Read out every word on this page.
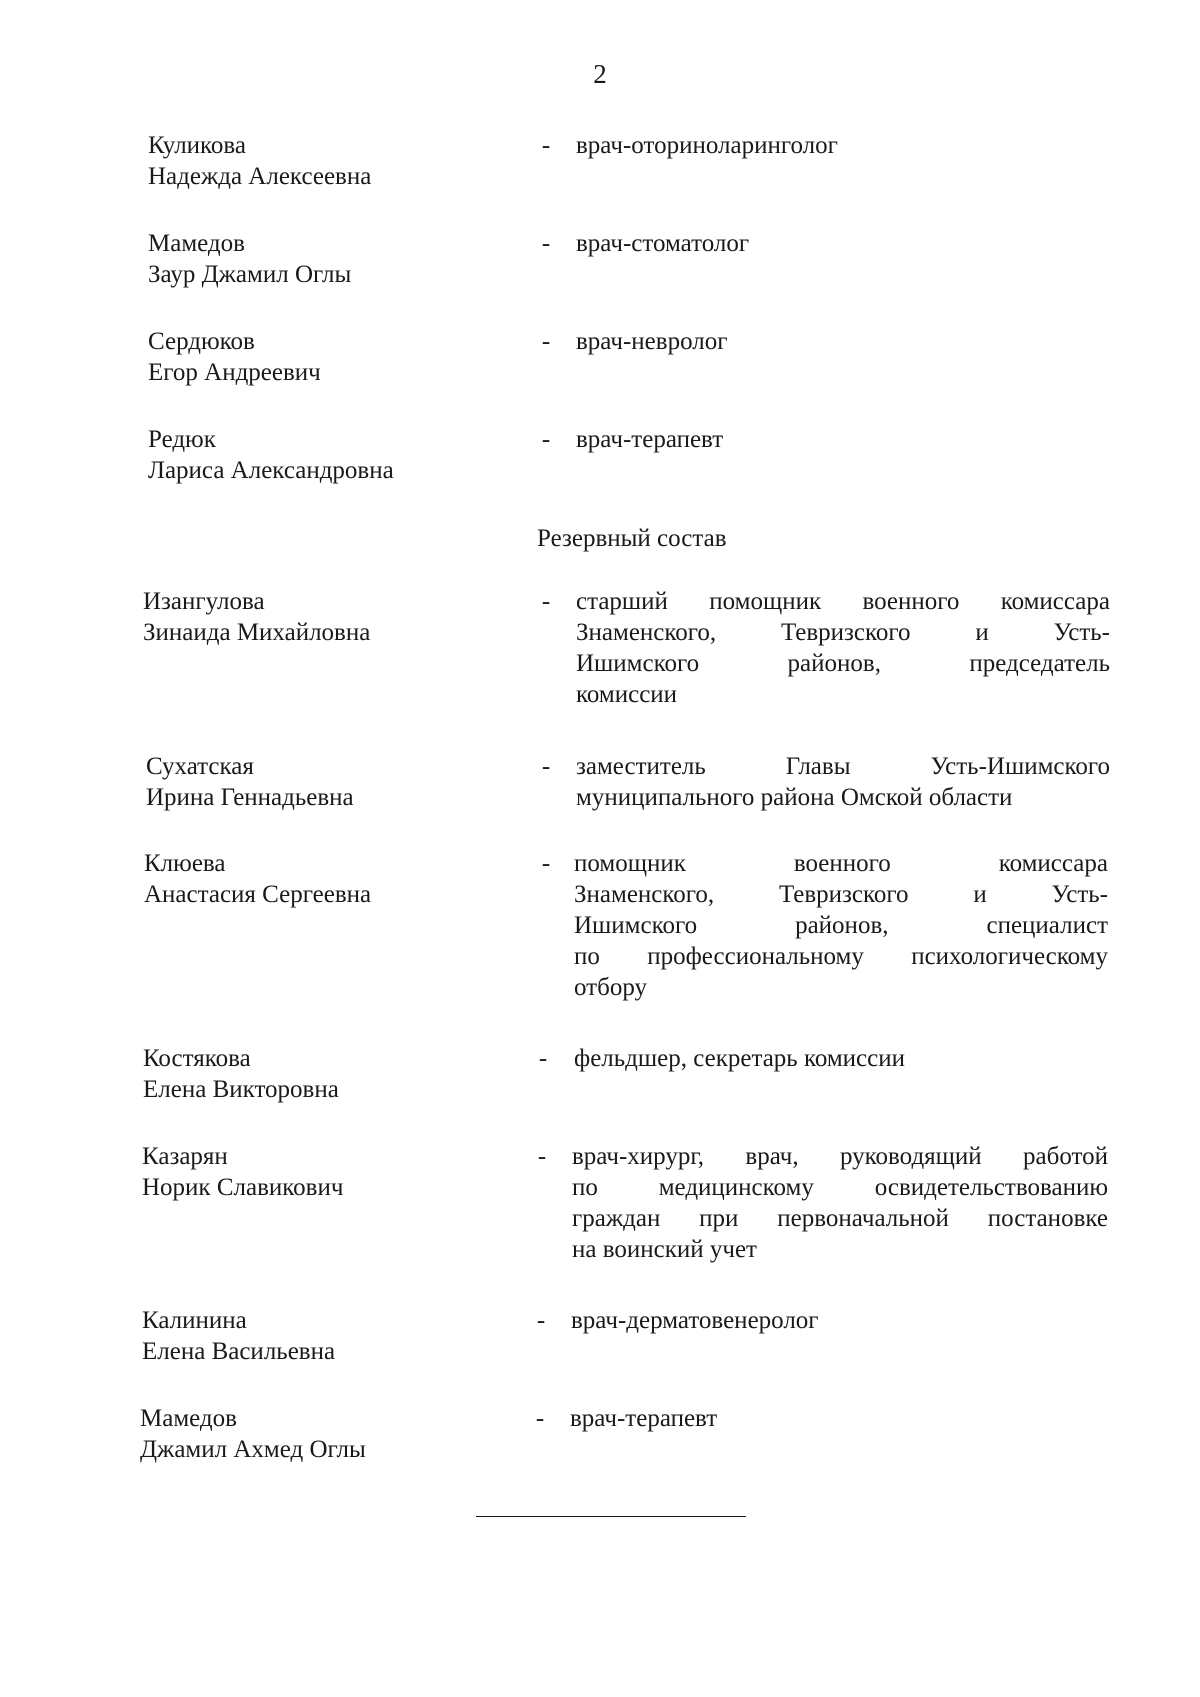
2
Куликова
Надежда Алексеевна
- врач-оториноларинголог
Мамедов
Заур Джамил Оглы
- врач-стоматолог
Сердюков
Егор Андреевич
- врач-невролог
Редюк
Лариса Александровна
- врач-терапевт
Резервный состав
Изангулова
Зинаида Михайловна
- старший помощник военного комиссара
Знаменского, Тевризского и Усть-
Ишимского районов, председатель
комиссии
Сухатская
Ирина Геннадьевна
- заместитель Главы Усть-Ишимского
муниципального района Омской области
Клюева
Анастасия Сергеевна
- помощник военного комиссара
Знаменского, Тевризского и Усть-
Ишимского районов, специалист
по профессиональному психологическому
отбору
Костякова
Елена Викторовна
- фельдшер, секретарь комиссии
Казарян
Норик Славикович
- врач-хирург, врач, руководящий работой
по медицинскому освидетельствованию
граждан при первоначальной постановке
на воинский учет
Калинина
Елена Васильевна
- врач-дерматовенеролог
Мамедов
Джамил Ахмед Оглы
- врач-терапевт
